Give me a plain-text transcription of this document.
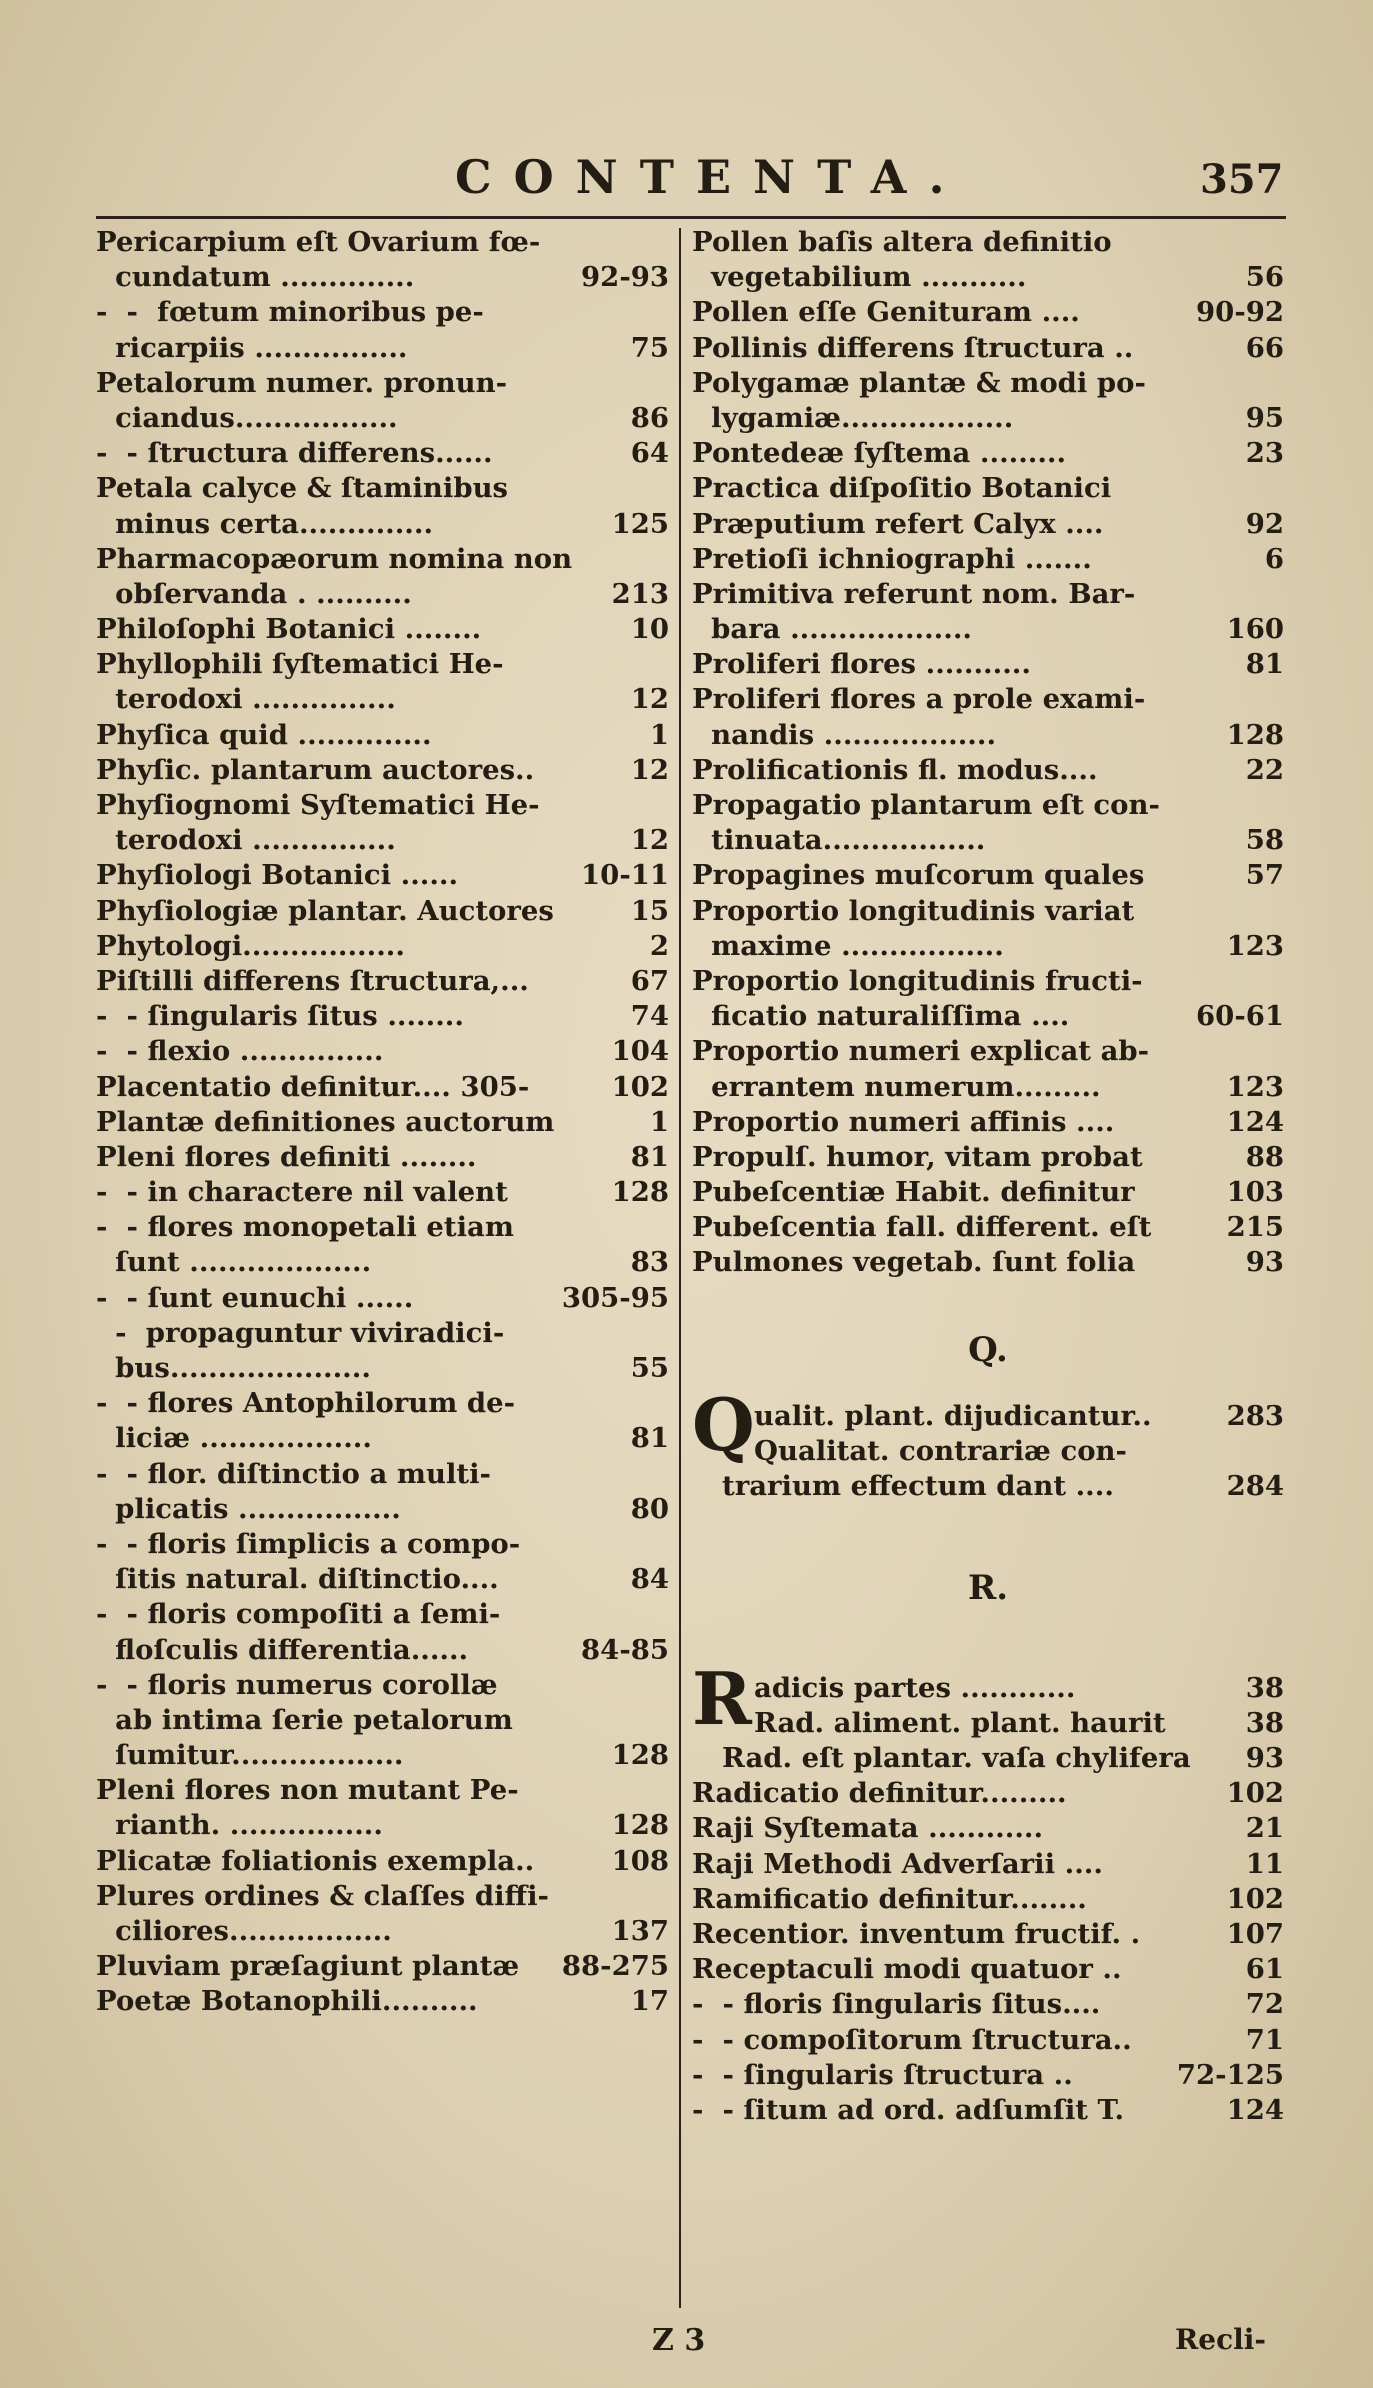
CONTENTA.	357
Pericarpium eſt Ovarium fœ-
cundatum ..............	92-93
-  -  fœtum minoribus pe-
ricarpiis ................	75
Petalorum numer. pronun-
ciandus.................	86
-  - ſtructura differens......	64
Petala calyce & ſtaminibus
minus certa..............	125
Pharmacopæorum nomina non
obſervanda . ..........	213
Philoſophi Botanici ........	10
Phyllophili ſyſtematici He-
terodoxi ...............	12
Phyſica quid ..............	1
Phyſic. plantarum auctores..	12
Phyſiognomi Syſtematici He-
terodoxi ...............	12
Phyſiologi Botanici ......	10-11
Phyſiologiæ plantar. Auctores	15
Phytologi.................	2
Piſtilli differens ſtructura,...	67
-  - ſingularis ſitus ........	74
-  - flexio ...............	104
Placentatio definitur.... 305-	102
Plantæ definitiones auctorum	1
Pleni flores definiti ........	81
-  - in charactere nil valent	128
-  - flores monopetali etiam
ſunt ...................	83
-  - ſunt eunuchi ......	305-95
-  propaguntur viviradici-
bus.....................	55
-  - flores Antophilorum de-
liciæ ..................	81
-  - flor. diſtinctio a multi-
plicatis .................	80
-  - floris ſimplicis a compo-
ſitis natural. diſtinctio....	84
-  - floris compoſiti a ſemi-
floſculis differentia......	84-85
-  - floris numerus corollæ
ab intima ſerie petalorum
ſumitur..................	128
Pleni flores non mutant Pe-
rianth. ................	128
Plicatæ foliationis exempla..	108
Plures ordines & claſſes diffi-
ciliores.................	137
Pluviam præſagiunt plantæ 88-275
Poetæ Botanophili..........	17
Pollen baſis altera definitio
vegetabilium ...........	56
Pollen eſſe Genituram ....	90-92
Pollinis differens ſtructura ..	66
Polygamæ plantæ & modi po-
lygamiæ..................	95
Pontedeæ ſyſtema .........	23
Practica diſpoſitio Botanici
Præputium refert Calyx ....	92
Pretioſi ichniographi .......	6
Primitiva referunt nom. Bar-
bara ...................	160
Proliferi flores ...........	81
Proliferi flores a prole exami-
nandis ..................	128
Prolificationis fl. modus....	22
Propagatio plantarum eſt con-
tinuata.................	58
Propagines muſcorum quales	57
Proportio longitudinis variat
maxime .................	123
Proportio longitudinis fructi-
ficatio naturaliſſima ....	60-61
Proportio numeri explicat ab-
errantem numerum.........	123
Proportio numeri affinis ....	124
Propulſ. humor, vitam probat	88
Pubeſcentiæ Habit. definitur	103
Pubeſcentia fall. different. eſt	215
Pulmones vegetab. ſunt folia	93
Q.
Q ualit. plant. dijudicantur..	283
Qualitat. contrariæ con-
trarium effectum dant ....	284
R.
R adicis partes ............	38
Rad. aliment. plant. haurit	38
Rad. eſt plantar. vaſa chylifera 93
Radicatio definitur.........	102
Raji Syſtemata ............	21
Raji Methodi Adverſarii ....	11
Ramificatio definitur........	102
Recentior. inventum fructif. .	107
Receptaculi modi quatuor ..	61
-  - floris ſingularis ſitus....	72
-  - compoſitorum ſtructura..	71
-  - ſingularis ſtructura ..	72-125
-  - ſitum ad ord. adſumſit T.	124
Z 3	Recli-
